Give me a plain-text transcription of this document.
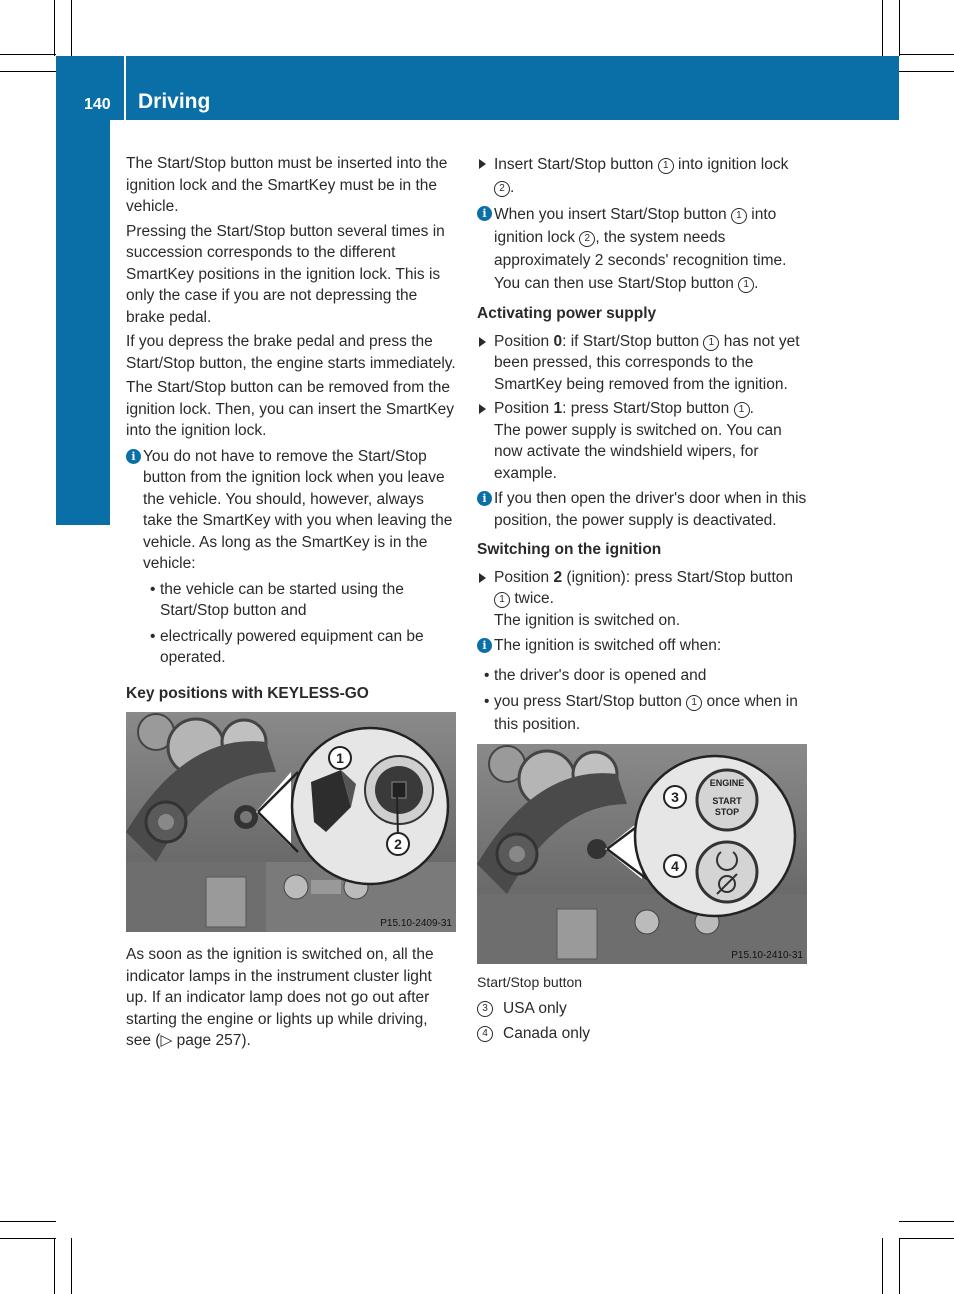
140 Driving
Driving and parking

The Start/Stop button must be inserted into the ignition lock and the SmartKey must be in the vehicle.

Pressing the Start/Stop button several times in succession corresponds to the different SmartKey positions in the ignition lock. This is only the case if you are not depressing the brake pedal.

If you depress the brake pedal and press the Start/Stop button, the engine starts immediately.

The Start/Stop button can be removed from the ignition lock. Then, you can insert the SmartKey into the ignition lock.

i You do not have to remove the Start/Stop button from the ignition lock when you leave the vehicle. You should, however, always take the SmartKey with you when leaving the vehicle. As long as the SmartKey is in the vehicle:
• the vehicle can be started using the Start/Stop button and
• electrically powered equipment can be operated.
Key positions with KEYLESS-GO
1
2
P15.10-2409-31

As soon as the ignition is switched on, all the indicator lamps in the instrument cluster light up. If an indicator lamp does not go out after starting the engine or lights up while driving, see (▷ page 257).

Insert Start/Stop button 1 into ignition lock 2 .
i When you insert Start/Stop button 1 into ignition lock 2 , the system needs approximately 2 seconds' recognition time. You can then use Start/Stop button 1 .
Activating power supply
Position 0: if Start/Stop button 1 has not yet been pressed, this corresponds to the SmartKey being removed from the ignition.
Position 1: press Start/Stop button 1 .
The power supply is switched on. You can now activate the windshield wipers, for example.
i If you then open the driver's door when in this position, the power supply is deactivated.
Switching on the ignition
Position 2 (ignition): press Start/Stop button 1 twice.
The ignition is switched on.
i The ignition is switched off when:
• the driver's door is opened and
• you press Start/Stop button 1 once when in this position.
ENGINE
START
STOP
3
4
P15.10-2410-31
Start/Stop button
3 USA only
4 Canada only
